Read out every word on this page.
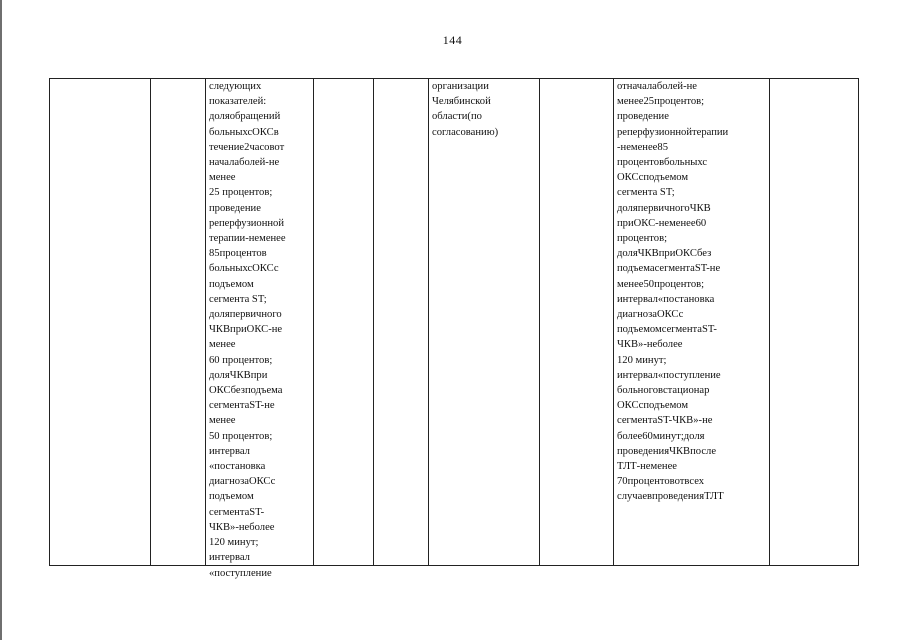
144
следующих
показателей:
доляобращений
больныхсОКСв
течение2часовот
началаболей-не
менее
25 процентов;
проведение
реперфузионной
терапии-неменее
85процентов
больныхсОКСс
подъемом
сегмента ST;
доляпервичного
ЧКВприОКС-не
менее
60 процентов;
доляЧКВпри
ОКСбезподъема
сегментаST-не
менее
50 процентов;
интервал
«постановка
диагнозаОКСс
подъемом
сегментаST-
ЧКВ»-неболее
120 минут;
интервал
«поступление
организации
Челябинской
области(по
согласованию)
отначалаболей-не
менее25процентов;
проведение
реперфузионнойтерапии
-неменее85
процентовбольныхс
ОКСсподъемом
сегмента ST;
доляпервичногоЧКВ
приОКС-неменее60
процентов;
доляЧКВприОКСбез
подъемасегментаST-не
менее50процентов;
интервал«постановка
диагнозаОКСс
подъемомсегментаST-
ЧКВ»-неболее
120 минут;
интервал«поступление
больноговстационар
ОКСсподъемом
сегментаST-ЧКВ»-не
более60минут;доля
проведенияЧКВпосле
ТЛТ-неменее
70процентовотвсех
случаевпроведенияТЛТ
